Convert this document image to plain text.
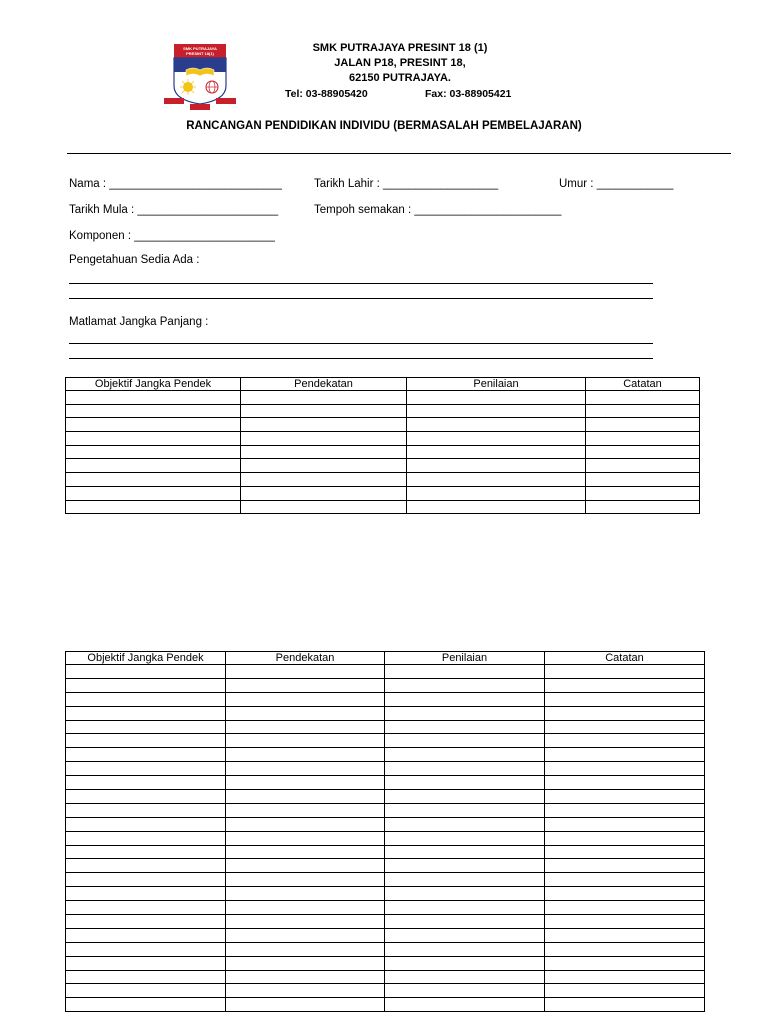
SMK PUTRAJAYA
PRESINT 18(1)	SMK PUTRAJAYA PRESINT 18 (1)
JALAN P18, PRESINT 18,
62150 PUTRAJAYA.
Tel: 03-88905420	Fax: 03-88905421
RANCANGAN PENDIDIKAN INDIVIDU (BERMASALAH PEMBELAJARAN)
Nama : ___________________________	Tarikh Lahir : __________________	Umur : ____________
Tarikh Mula : ______________________	Tempoh semakan : _______________________
Komponen : ______________________
Pengetahuan Sedia Ada :
Matlamat Jangka Panjang :
Objektif Jangka Pendek	Pendekatan	Penilaian	Catatan

Objektif Jangka Pendek	Pendekatan	Penilaian	Catatan
